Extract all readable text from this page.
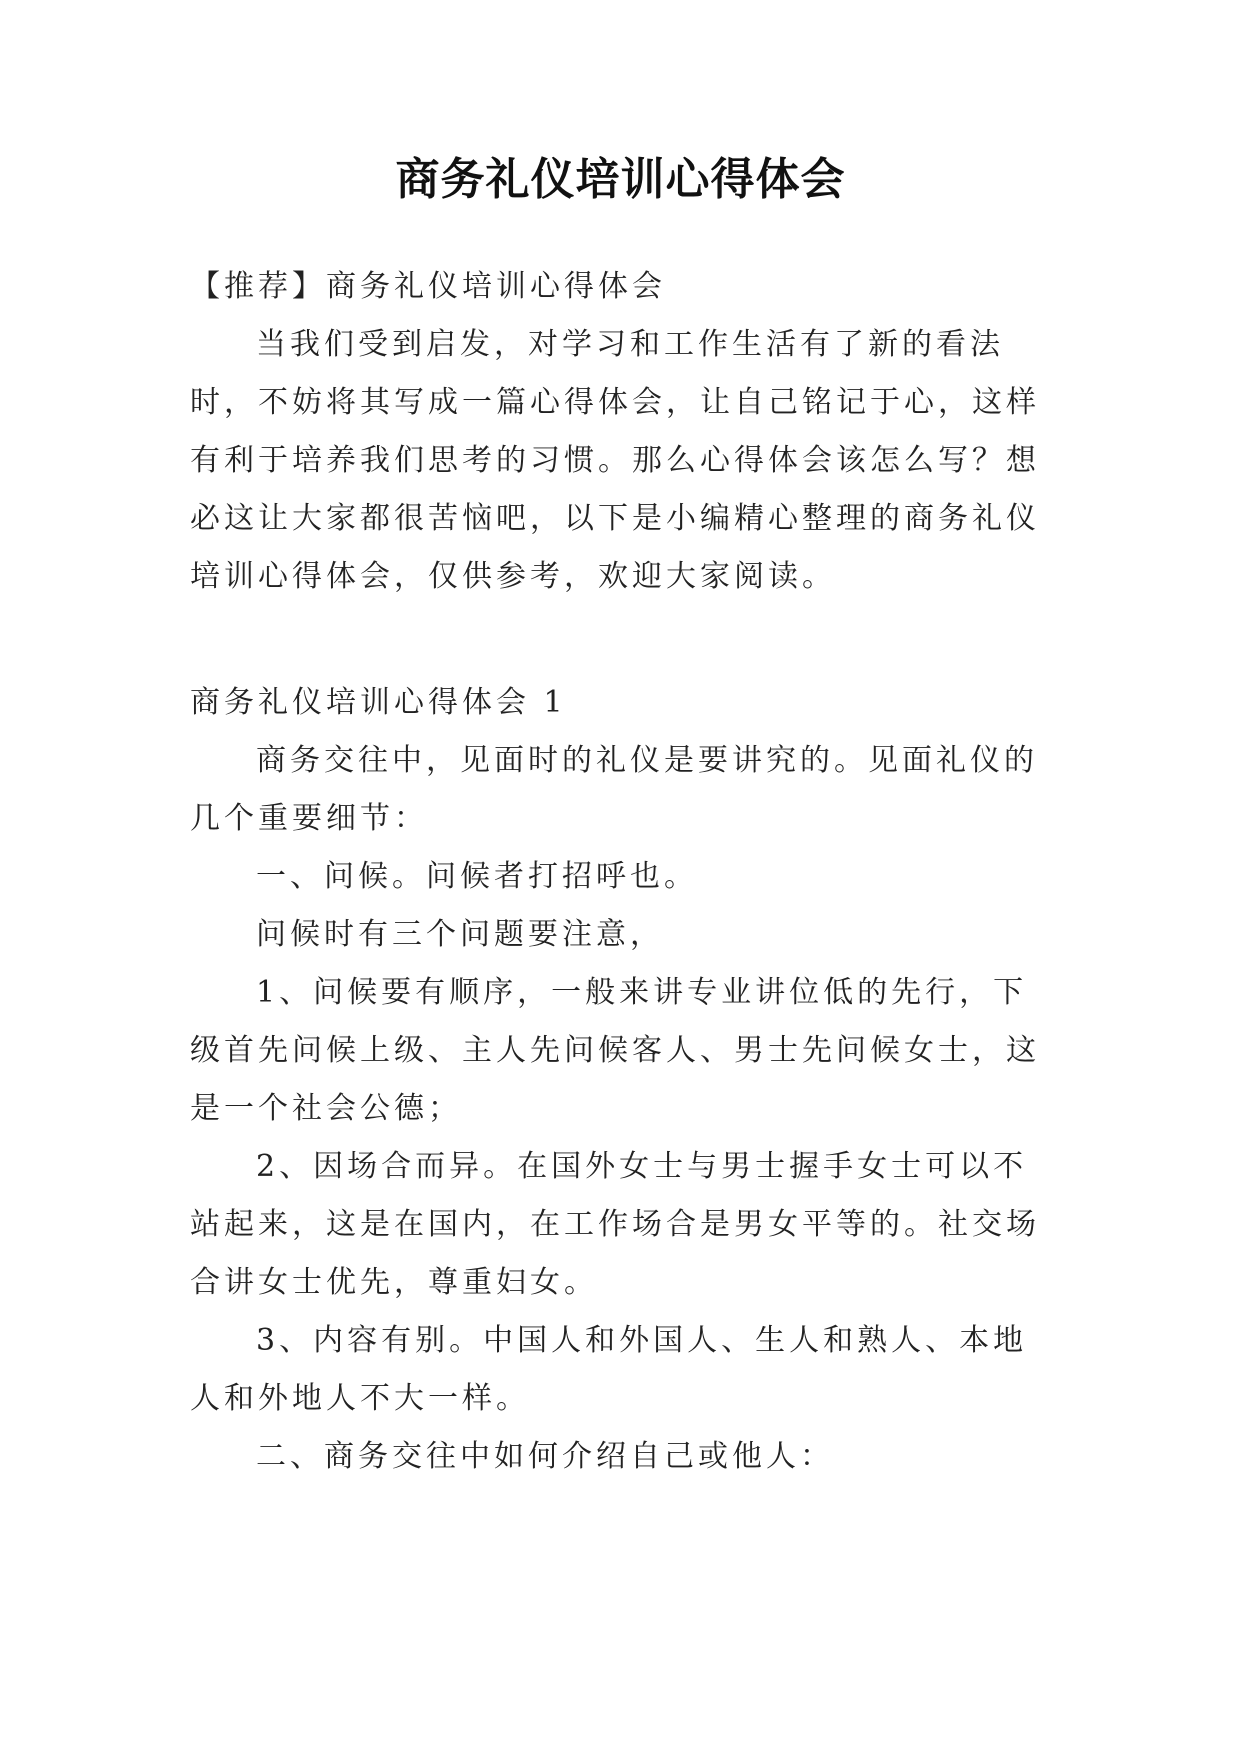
商务礼仪培训心得体会

【推荐】商务礼仪培训心得体会

当我们受到启发，对学习和工作生活有了新的看法时，不妨将其写成一篇心得体会，让自己铭记于心，这样有利于培养我们思考的习惯。那么心得体会该怎么写？想必这让大家都很苦恼吧，以下是小编精心整理的商务礼仪培训心得体会，仅供参考，欢迎大家阅读。

商务礼仪培训心得体会 1

商务交往中，见面时的礼仪是要讲究的。见面礼仪的几个重要细节：

一、问候。问候者打招呼也。

问候时有三个问题要注意，

1、问候要有顺序，一般来讲专业讲位低的先行，下级首先问候上级、主人先问候客人、男士先问候女士，这是一个社会公德；

2、因场合而异。在国外女士与男士握手女士可以不站起来，这是在国内，在工作场合是男女平等的。社交场合讲女士优先，尊重妇女。

3、内容有别。中国人和外国人、生人和熟人、本地人和外地人不大一样。

二、商务交往中如何介绍自己或他人：
